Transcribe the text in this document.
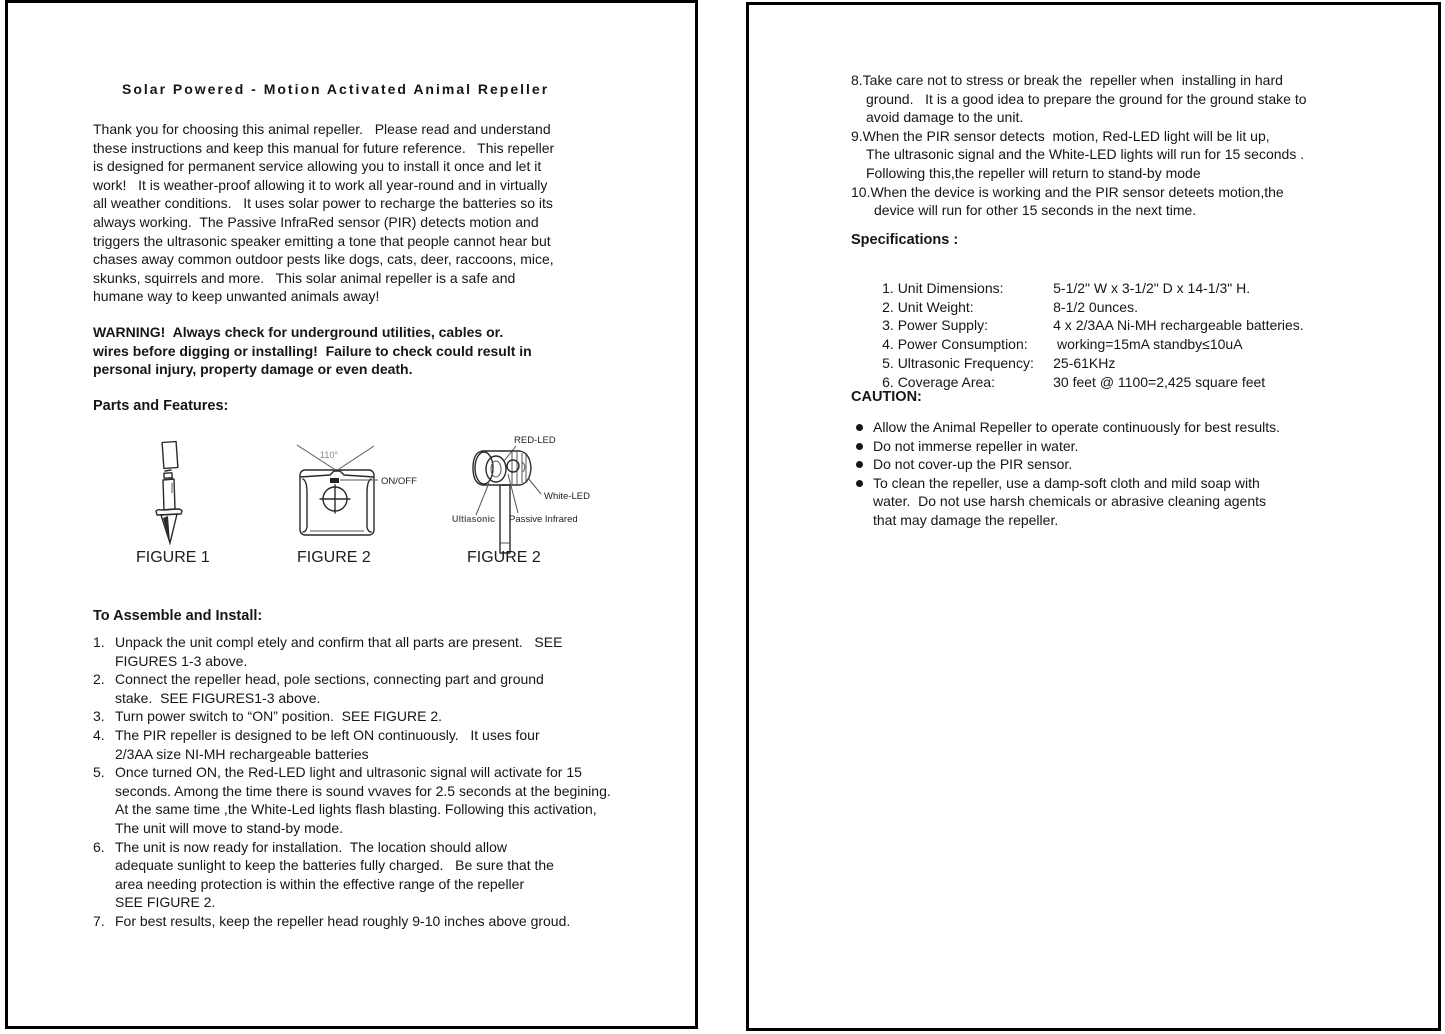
Solar Powered - Motion Activated Animal Repeller
Thank you for choosing this animal repeller.   Please read and understand
these instructions and keep this manual for future reference.   This repeller
is designed for permanent service allowing you to install it once and let it
work!   It is weather-proof allowing it to work all year-round and in virtually
all weather conditions.   It uses solar power to recharge the batteries so its
always working.  The Passive InfraRed sensor (PIR) detects motion and
triggers the ultrasonic speaker emitting a tone that people cannot hear but
chases away common outdoor pests like dogs, cats, deer, raccoons, mice,
skunks, squirrels and more.   This solar animal repeller is a safe and
humane way to keep unwanted animals away!
WARNING!  Always check for underground utilities, cables or.
wires before digging or installing!  Failure to check could result in
personal injury, property damage or even death.
Parts and Features:
110°
ON/OFF
RED-LED
White-LED
Ultiasonic Passive Infrared
FIGURE 1	FIGURE 2	FIGURE 2
To Assemble and Install:
1. Unpack the unit compl etely and confirm that all parts are present.   SEE
FIGURES 1-3 above.
2. Connect the repeller head, pole sections, connecting part and ground
stake.  SEE FIGURES1-3 above.
3. Turn power switch to “ON” position.  SEE FIGURE 2.
4. The PIR repeller is designed to be left ON continuously.   It uses four
2/3AA size NI-MH rechargeable batteries
5. Once turned ON, the Red-LED light and ultrasonic signal will activate for 15
seconds. Among the time there is sound vvaves for 2.5 seconds at the begining.
At the same time ,the White-Led lights flash blasting. Following this activation,
The unit will move to stand-by mode.
6. The unit is now ready for installation.  The location should allow
adequate sunlight to keep the batteries fully charged.   Be sure that the
area needing protection is within the effective range of the repeller
SEE FIGURE 2.
7. For best results, keep the repeller head roughly 9-10 inches above groud.
8.Take care not to stress or break the  repeller when  installing in hard
ground.   It is a good idea to prepare the ground for the ground stake to
avoid damage to the unit.
9.When the PIR sensor detects  motion, Red-LED light will be lit up,
The ultrasonic signal and the White-LED lights will run for 15 seconds .
Following this,the repeller will return to stand-by mode
10.When the device is working and the PIR sensor deteets motion,the
device will run for other 15 seconds in the next time.
Specifications :

1. Unit Dimensions:	5-1/2" W x 3-1/2" D x 14-1/3" H.

2. Unit Weight:	8-1/2 0unces.

3. Power Supply:	4 x 2/3AA Ni-MH rechargeable batteries.

4. Power Consumption: working=15mA standby≤10uA

5. Ultrasonic Frequency: 25-61KHz

6. Coverage Area:	30 feet @ 1100=2,425 square feet

CAUTION:
Allow the Animal Repeller to operate continuously for best results.
Do not immerse repeller in water.
Do not cover-up the PIR sensor.
To clean the repeller, use a damp-soft cloth and mild soap with
water.  Do not use harsh chemicals or abrasive cleaning agents
that may damage the repeller.
